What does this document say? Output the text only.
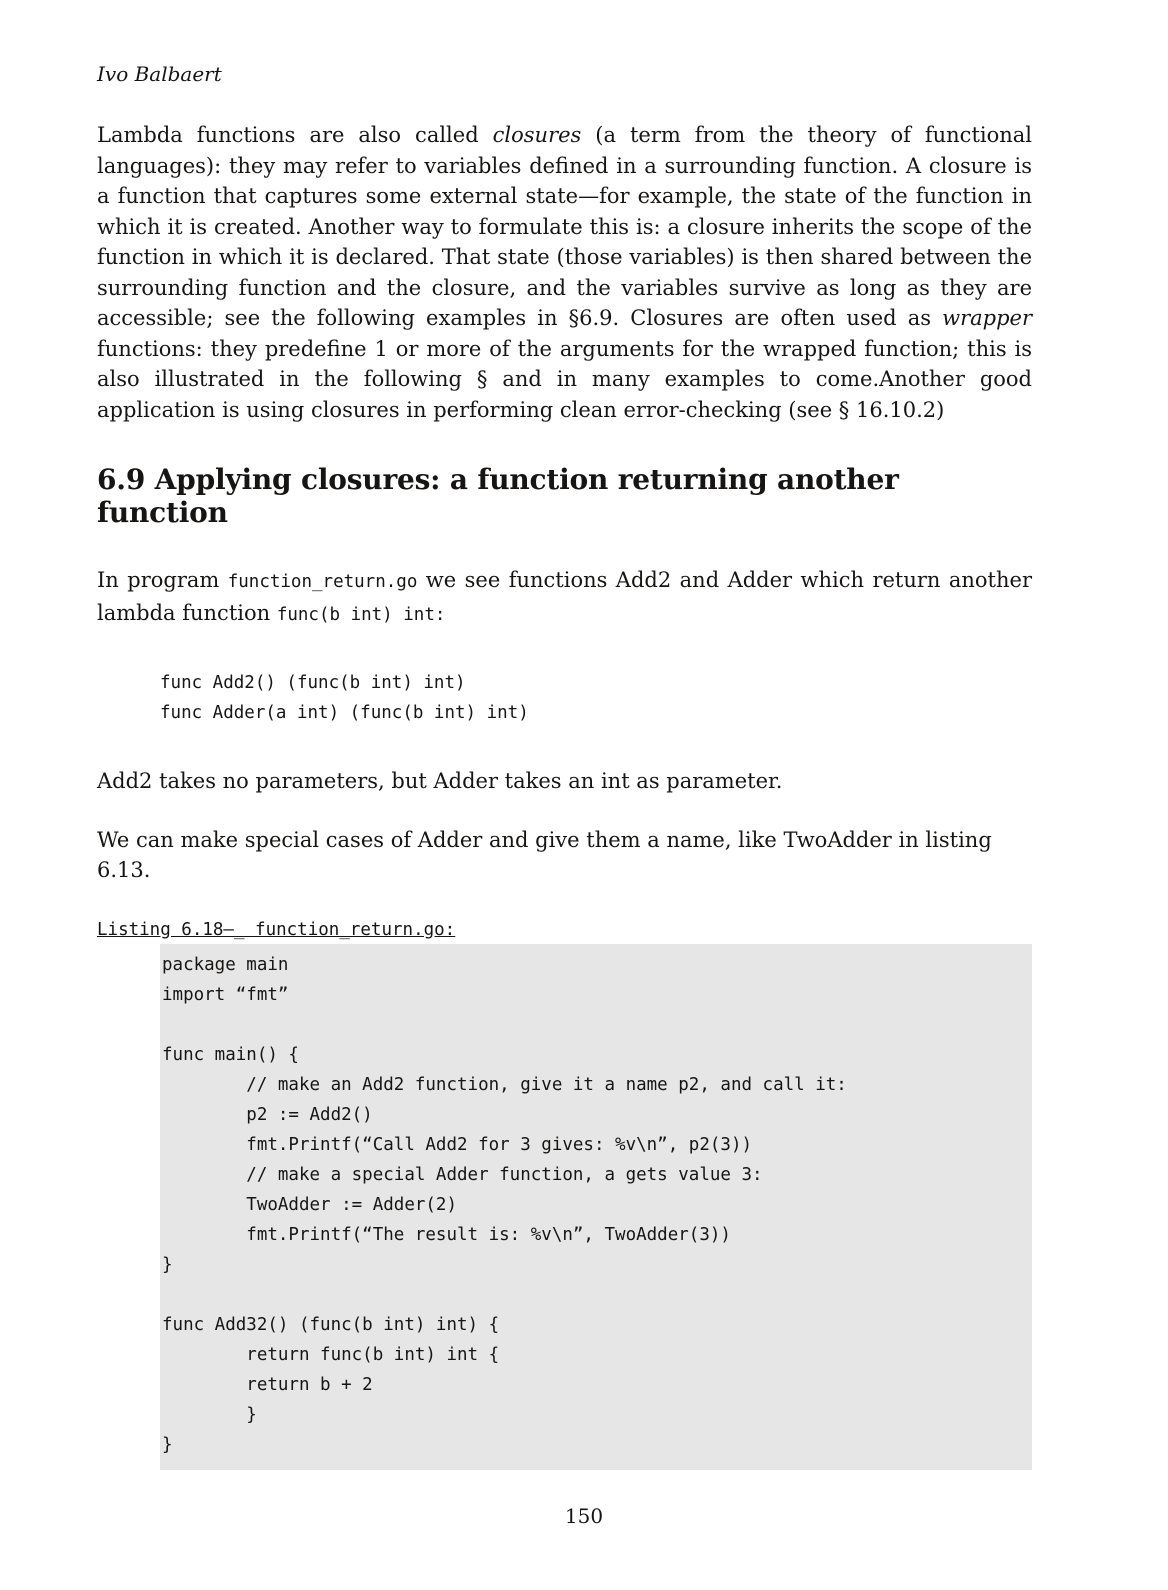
Ivo Balbaert

Lambda functions are also called closures (a term from the theory of functional languages): they may refer to variables defined in a surrounding function. A closure is a function that captures some external state—for example, the state of the function in which it is created. Another way to formulate this is: a closure inherits the scope of the function in which it is declared. That state (those variables) is then shared between the surrounding function and the closure, and the variables survive as long as they are accessible; see the following examples in §6.9. Closures are often used as wrapper functions: they predefine 1 or more of the arguments for the wrapped function; this is also illustrated in the following § and in many examples to come.Another good application is using closures in performing clean error-checking (see § 16.10.2)

6.9 Applying closures: a function returning another function

In program function_return.go we see functions Add2 and Adder which return another lambda function func(b int) int:

func Add2() (func(b int) int)
func Adder(a int) (func(b int) int)

Add2 takes no parameters, but Adder takes an int as parameter.

We can make special cases of Adder and give them a name, like TwoAdder in listing 6.13.

Listing 6.18—_ function_return.go:
package main
import “fmt”
func main() {
// make an Add2 function, give it a name p2, and call it:
p2 := Add2()
fmt.Printf(“Call Add2 for 3 gives: %v\n”, p2(3))
// make a special Adder function, a gets value 3:
TwoAdder := Adder(2)
fmt.Printf(“The result is: %v\n”, TwoAdder(3))
}
func Add32() (func(b int) int) {
return func(b int) int {
return b + 2
}
}
150
